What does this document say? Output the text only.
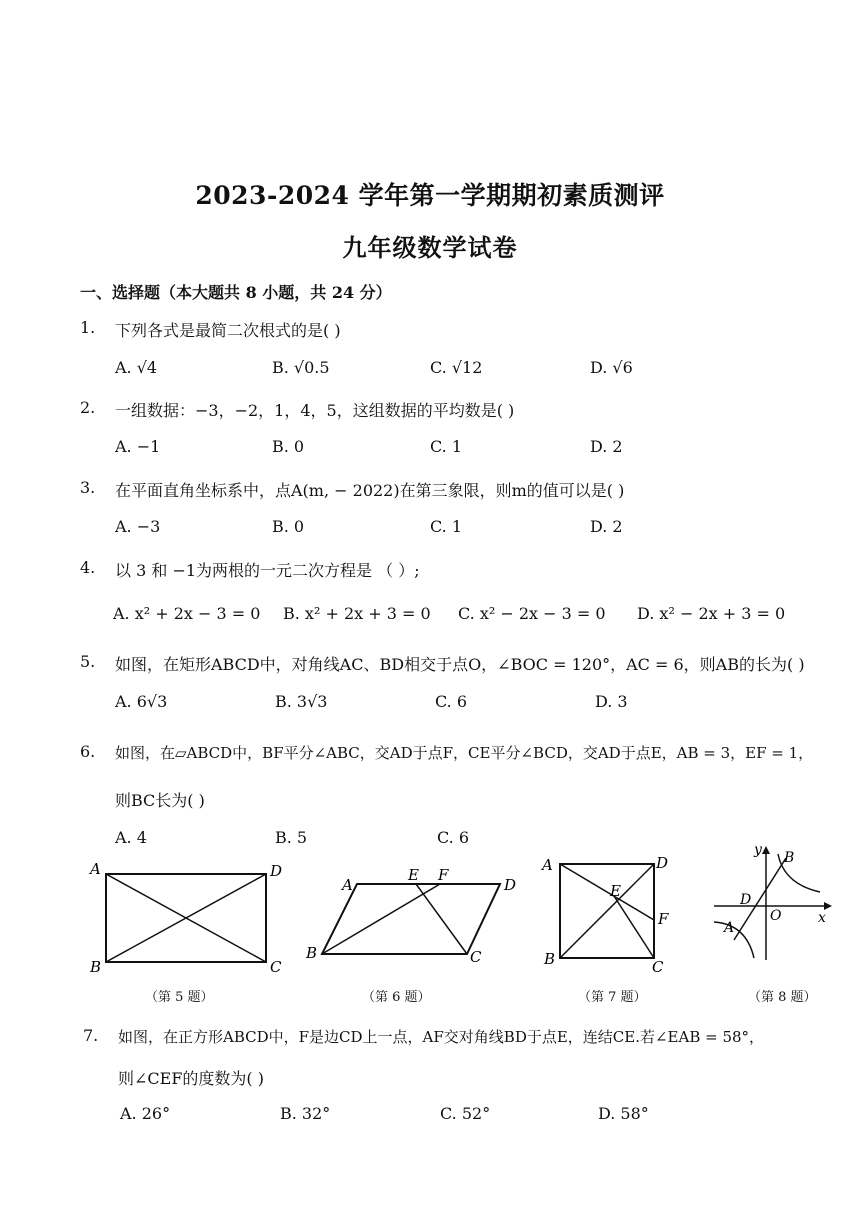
2023-2024 学年第一学期期初素质测评
九年级数学试卷
一、选择题（本大题共 8 小题，共 24 分）
1. 下列各式是最简二次根式的是( )
A. √4	B. √0.5	C. √12	D. √6
2. 一组数据：−3，−2，1，4，5，这组数据的平均数是( )
A. −1	B. 0	C. 1	D. 2
3. 在平面直角坐标系中，点A(m, − 2022)在第三象限，则m的值可以是( )
A. −3	B. 0	C. 1	D. 2
4. 以 3 和 −1为两根的一元二次方程是 （ ）;
A. x² + 2x − 3 = 0 B. x² + 2x + 3 = 0 C. x² − 2x − 3 = 0 D. x² − 2x + 3 = 0
5. 如图，在矩形ABCD中，对角线AC、BD相交于点O，∠BOC = 120°，AC = 6，则AB的长为( )
A. 6√3	B. 3√3	C. 6	D. 3
6. 如图，在▱ABCD中，BF平分∠ABC，交AD于点F，CE平分∠BCD，交AD于点E，AB = 3，EF = 1，
则BC长为( )
A. 4	B. 5	C. 6
A	D
B	C
（第 5 题）
A
E F
D
B	C
（第 6 题）
A	D
E
F
B	C
（第 7 题）
y B
D
O	x
A
（第 8 题）
7. 如图，在正方形ABCD中，F是边CD上一点，AF交对角线BD于点E，连结CE.若∠EAB = 58°，
则∠CEF的度数为( )
A. 26°	B. 32°	C. 52°	D. 58°
